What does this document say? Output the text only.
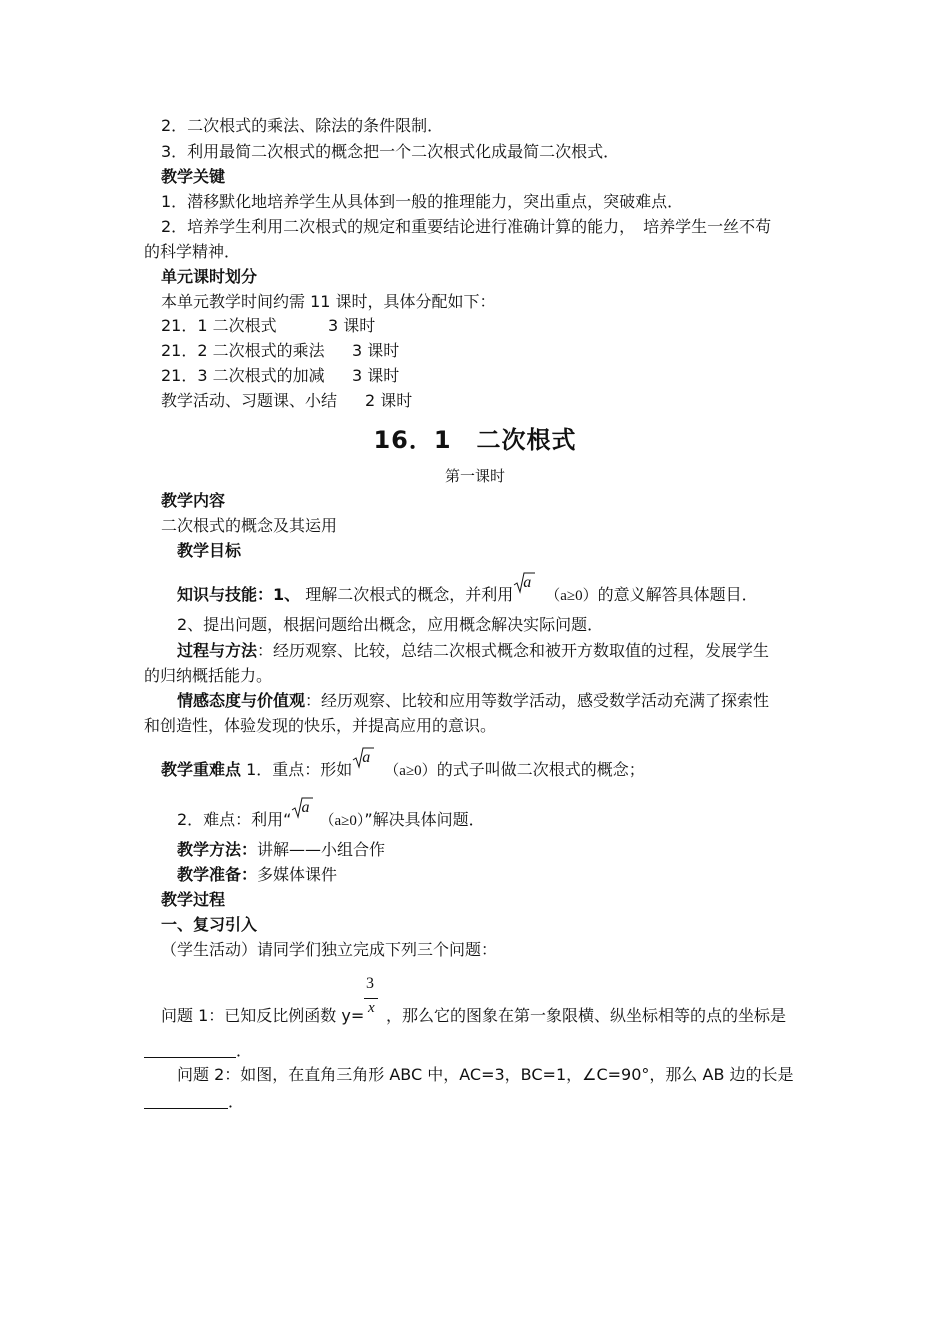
2．二次根式的乘法、除法的条件限制．
3．利用最简二次根式的概念把一个二次根式化成最简二次根式．
教学关键
1．潜移默化地培养学生从具体到一般的推理能力，突出重点，突破难点．
2．培养学生利用二次根式的规定和重要结论进行准确计算的能力，　培养学生一丝不苟
的科学精神．
单元课时划分
本单元教学时间约需 11 课时，具体分配如下：
21．1 二次根式	3 课时
21．2 二次根式的乘法 3 课时
21．3 二次根式的加减 3 课时
教学活动、习题课、小结 2 课时
16．1　二次根式
第一课时
教学内容
二次根式的概念及其运用
教学目标
知识与技能：1、 理解二次根式的概念，并利用
a
（a≥0）的意义解答具体题目．
2、提出问题，根据问题给出概念，应用概念解决实际问题．
过程与方法：经历观察、比较，总结二次根式概念和被开方数取值的过程，发展学生
的归纳概括能力。
情感态度与价值观：经历观察、比较和应用等数学活动，感受数学活动充满了探索性
和创造性，体验发现的快乐，并提高应用的意识。
教学重难点 1．重点：形如
a
（a≥0）的式子叫做二次根式的概念；
2．难点：利用“
a
（a≥0）”解决具体问题．
教学方法：讲解——小组合作
教学准备：多媒体课件
教学过程
一、复习引入
（学生活动）请同学们独立完成下列三个问题：
3
x
问题 1：已知反比例函数 y= ，那么它的图象在第一象限横、纵坐标相等的点的坐标是
．
问题 2：如图，在直角三角形 ABC 中，AC=3，BC=1，∠C=90°，那么 AB 边的长是
．
